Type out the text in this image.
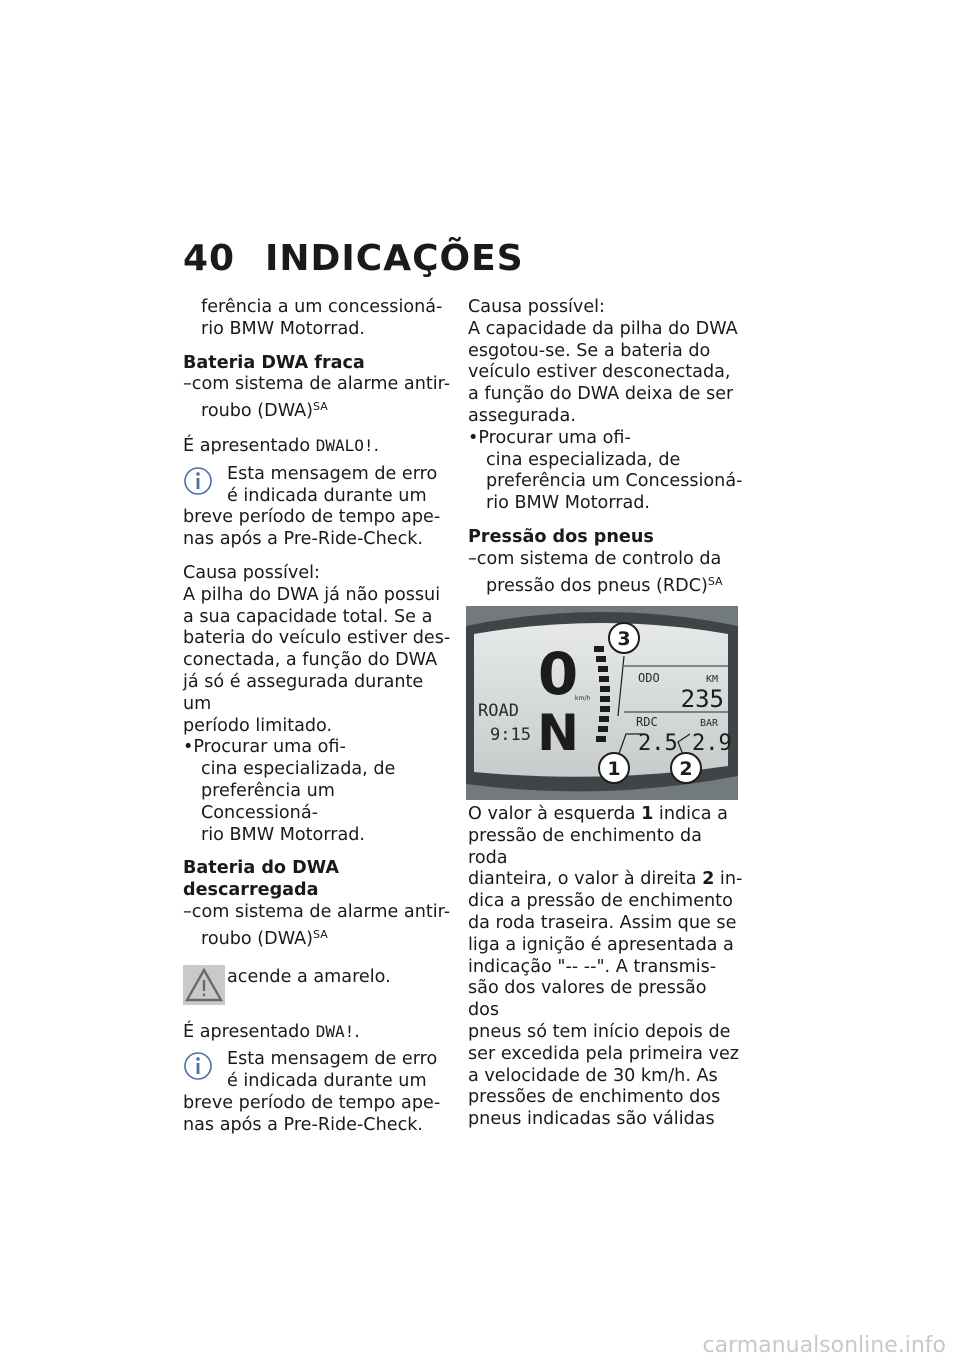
40 INDICAÇÕES

ferência a um concessioná-

rio BMW Motorrad.

Bateria DWA fraca

–com sistema de alarme antir-

roubo (DWA)$^{SA}$

É apresentado DWALO!.

Esta mensagem de erro

é indicada durante um

breve período de tempo ape-

nas após a Pre-Ride-Check.

Causa possível:

A pilha do DWA já não possui

a sua capacidade total. Se a

bateria do veículo estiver des-

conectada, a função do DWA

já só é assegurada durante um

período limitado.

•Procurar uma ofi-

cina especializada, de

preferência um Concessioná-

rio BMW Motorrad.

Bateria do DWA descarregada

–com sistema de alarme antir-

roubo (DWA)$^{SA}$

acende a amarelo.

É apresentado DWA!.

Esta mensagem de erro

é indicada durante um

breve período de tempo ape-

nas após a Pre-Ride-Check.

Causa possível:

A capacidade da pilha do DWA

esgotou-se. Se a bateria do

veículo estiver desconectada,

a função do DWA deixa de ser

assegurada.

•Procurar uma ofi-

cina especializada, de

preferência um Concessioná-

rio BMW Motorrad.

Pressão dos pneus

–com sistema de controlo da

pressão dos pneus (RDC)$^{SA}$

0
N
km/h
ROAD
9:15
ODO	KM
235
RDC	BAR
2.5 2.9
3
1	2

O valor à esquerda 1 indica a

pressão de enchimento da roda

dianteira, o valor à direita 2 in-

dica a pressão de enchimento

da roda traseira. Assim que se

liga a ignição é apresentada a

indicação "-- --". A transmis-

são dos valores de pressão dos

pneus só tem início depois de

ser excedida pela primeira vez

a velocidade de 30 km/h. As

pressões de enchimento dos

pneus indicadas são válidas

carmanualsonline.info
